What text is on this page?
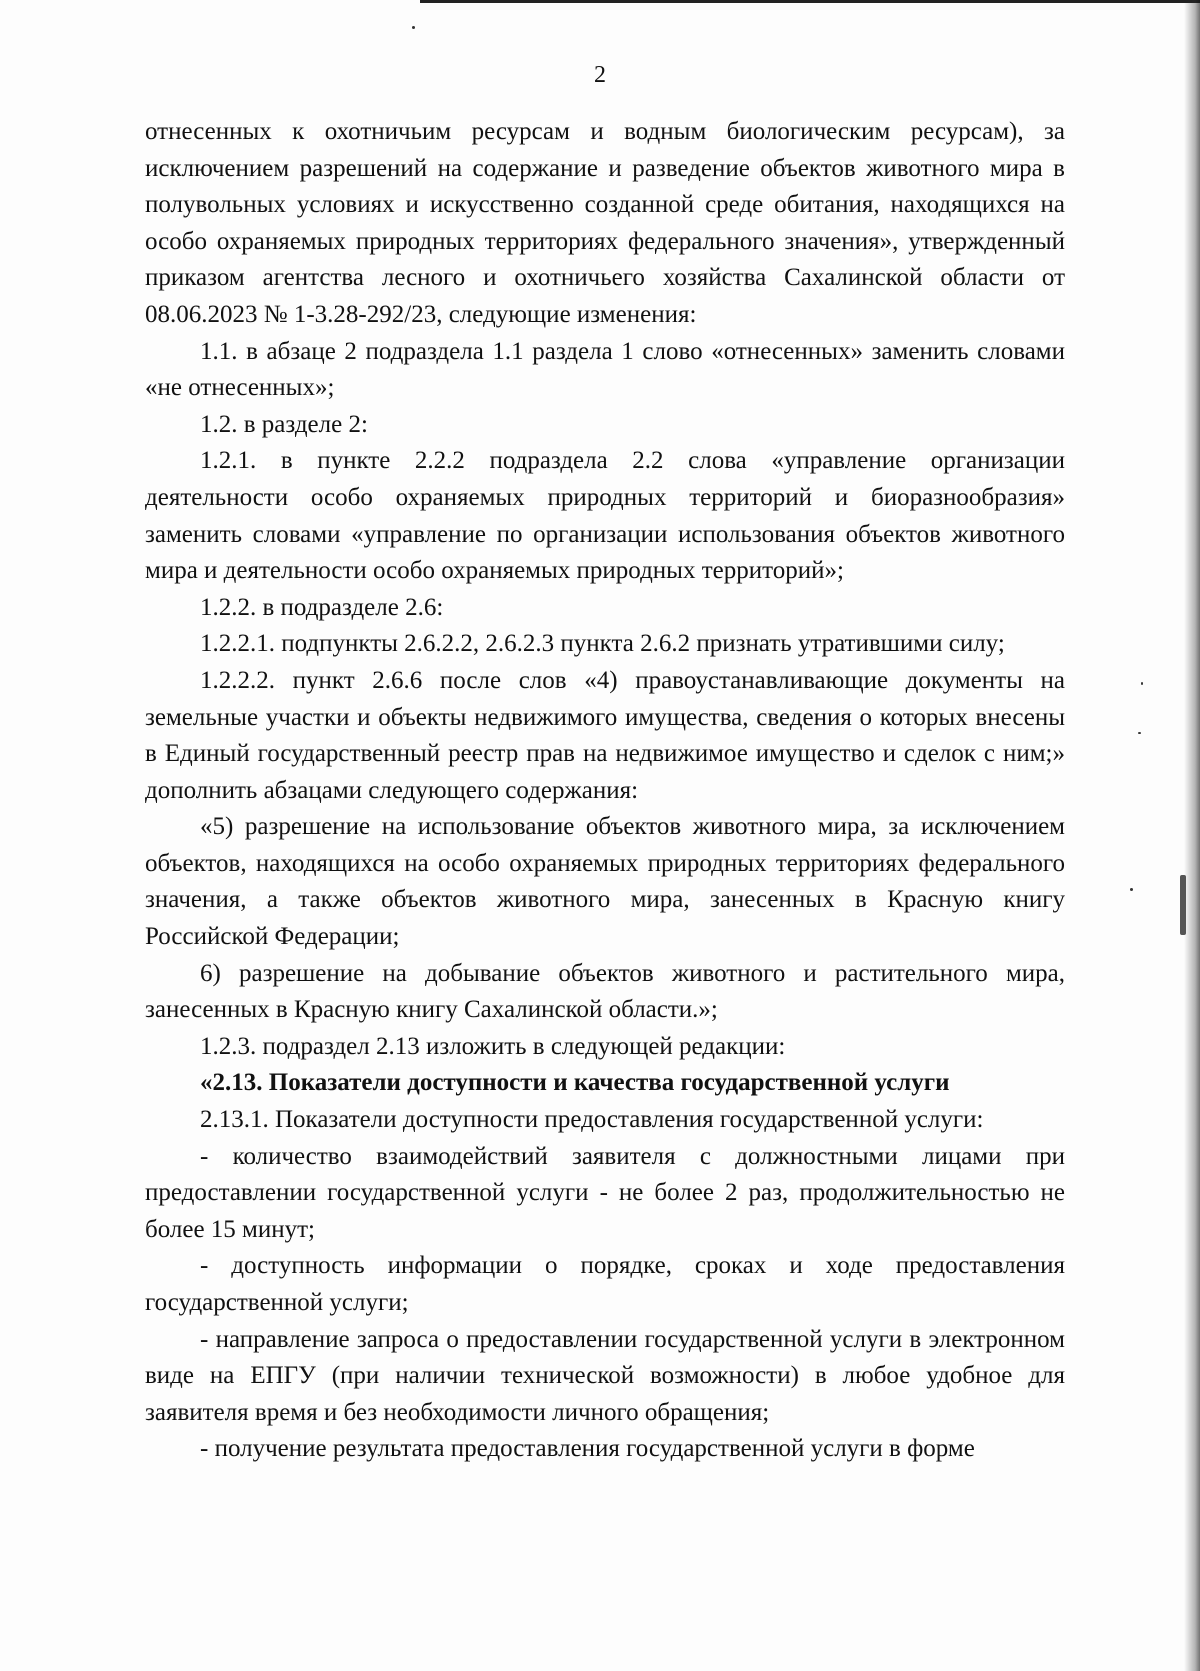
2

отнесенных к охотничьим ресурсам и водным биологическим ресурсам), за исключением разрешений на содержание и разведение объектов животного мира в полувольных условиях и искусственно созданной среде обитания, находящихся на особо охраняемых природных территориях федерального значения», утвержденный приказом агентства лесного и охотничьего хозяйства Сахалинской области от 08.06.2023 № 1-3.28-292/23, следующие изменения:

1.1. в абзаце 2 подраздела 1.1 раздела 1 слово «отнесенных» заменить словами «не отнесенных»;

1.2. в разделе 2:

1.2.1. в пункте 2.2.2 подраздела 2.2 слова «управление организации деятельности особо охраняемых природных территорий и биоразнообразия» заменить словами «управление по организации использования объектов животного мира и деятельности особо охраняемых природных территорий»;

1.2.2. в подразделе 2.6:

1.2.2.1. подпункты 2.6.2.2, 2.6.2.3 пункта 2.6.2 признать утратившими силу;

1.2.2.2. пункт 2.6.6 после слов «4) правоустанавливающие документы на земельные участки и объекты недвижимого имущества, сведения о которых внесены в Единый государственный реестр прав на недвижимое имущество и сделок с ним;» дополнить абзацами следующего содержания:

«5) разрешение на использование объектов животного мира, за исключением объектов, находящихся на особо охраняемых природных территориях федерального значения, а также объектов животного мира, занесенных в Красную книгу Российской Федерации;

6) разрешение на добывание объектов животного и растительного мира, занесенных в Красную книгу Сахалинской области.»;

1.2.3. подраздел 2.13 изложить в следующей редакции:

«2.13. Показатели доступности и качества государственной услуги

2.13.1. Показатели доступности предоставления государственной услуги:

- количество взаимодействий заявителя с должностными лицами при предоставлении государственной услуги - не более 2 раз, продолжительностью не более 15 минут;

- доступность информации о порядке, сроках и ходе предоставления государственной услуги;

- направление запроса о предоставлении государственной услуги в электронном виде на ЕПГУ (при наличии технической возможности) в любое удобное для заявителя время и без необходимости личного обращения;

- получение результата предоставления государственной услуги в форме
